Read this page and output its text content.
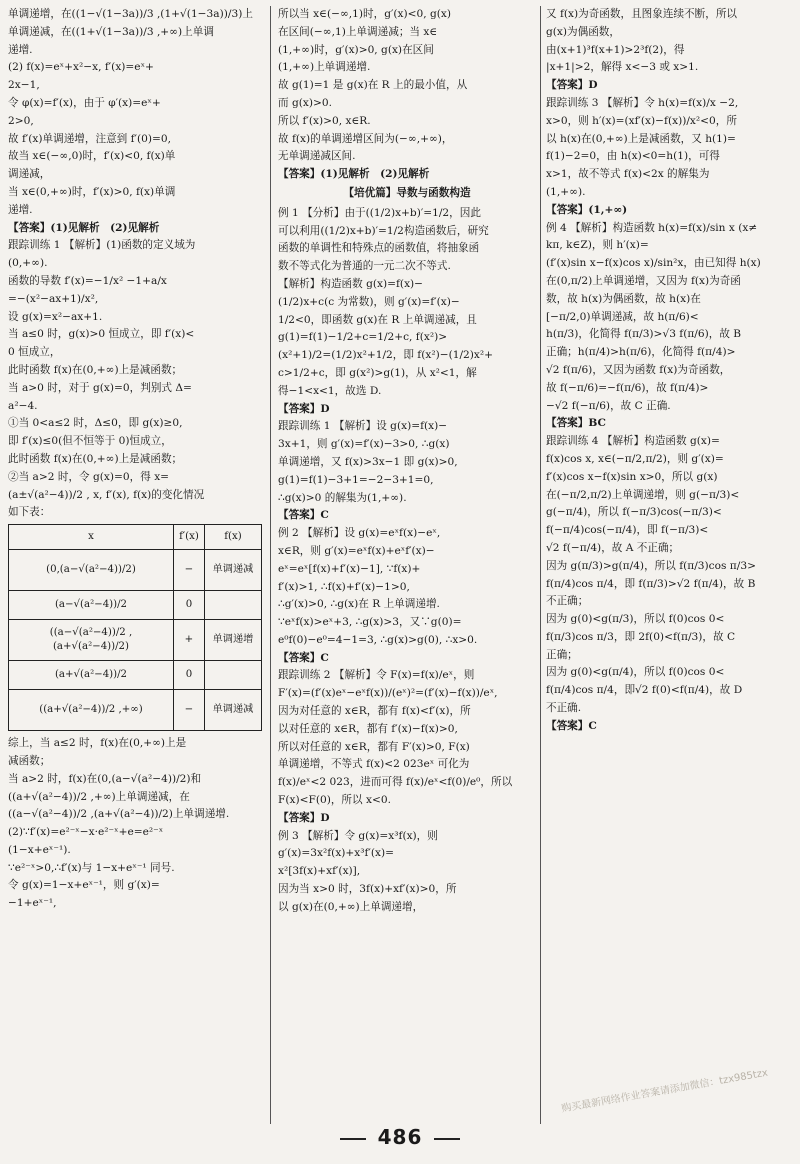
单调递增，在((1−√(1−3a))/3 ,(1+√(1−3a))/3)上

单调递减，在((1+√(1−3a))/3 ,+∞)上单调

递增.

(2) f(x)=eˣ+x²−x, f′(x)=eˣ+

2x−1,

令 φ(x)=f′(x)，由于 φ′(x)=eˣ+

2>0,

故 f′(x)单调递增，注意到 f′(0)=0,

故当 x∈(−∞,0)时，f′(x)<0, f(x)单

调递减，

当 x∈(0,+∞)时，f′(x)>0, f(x)单调

递增.

【答案】(1)见解析　(2)见解析

跟踪训练 1 【解析】(1)函数的定义域为

(0,+∞).

函数的导数 f′(x)=−1/x² −1+a/x

=−(x²−ax+1)/x²,

设 g(x)=x²−ax+1.

当 a≤0 时，g(x)>0 恒成立，即 f′(x)<

0 恒成立，

此时函数 f(x)在(0,+∞)上是减函数；

当 a>0 时，对于 g(x)=0，判别式 Δ=

a²−4.

①当 0<a≤2 时，Δ≤0，即 g(x)≥0,

即 f′(x)≤0(但不恒等于 0)恒成立，

此时函数 f(x)在(0,+∞)上是减函数；

②当 a>2 时，令 g(x)=0，得 x=

(a±√(a²−4))/2 , x, f′(x), f(x)的变化情况

如下表：

x	f′(x)	f(x)
(0,(a−√(a²−4))/2)	−	单调递减
(a−√(a²−4))/2	0	
((a−√(a²−4))/2 , (a+√(a²−4))/2)	+	单调递增
(a+√(a²−4))/2	0	
((a+√(a²−4))/2 ,+∞)	−	单调递减

综上，当 a≤2 时，f(x)在(0,+∞)上是

减函数；

当 a>2 时，f(x)在(0,(a−√(a²−4))/2)和

((a+√(a²−4))/2 ,+∞)上单调递减，在

((a−√(a²−4))/2 ,(a+√(a²−4))/2)上单调递增.

(2)∵f′(x)=e²⁻ˣ−x·e²⁻ˣ+e=e²⁻ˣ

(1−x+eˣ⁻¹).

∵e²⁻ˣ>0,∴f′(x)与 1−x+eˣ⁻¹ 同号.

令 g(x)=1−x+eˣ⁻¹，则 g′(x)=

−1+eˣ⁻¹,

所以当 x∈(−∞,1)时，g′(x)<0, g(x)

在区间(−∞,1)上单调递减；当 x∈

(1,+∞)时，g′(x)>0, g(x)在区间

(1,+∞)上单调递增.

故 g(1)=1 是 g(x)在 R 上的最小值，从

而 g(x)>0.

所以 f′(x)>0, x∈R.

故 f(x)的单调递增区间为(−∞,+∞)，

无单调递减区间.

【答案】(1)见解析　(2)见解析

【培优篇】导数与函数构造

例 1 【分析】由于((1/2)x+b)′=1/2，因此

可以利用((1/2)x+b)′=1/2构造函数后，研究

函数的单调性和特殊点的函数值，将抽象函

数不等式化为普通的一元二次不等式.

【解析】构造函数 g(x)=f(x)−

(1/2)x+c(c 为常数)，则 g′(x)=f′(x)−

1/2<0，即函数 g(x)在 R 上单调递减，且

g(1)=f(1)−1/2+c=1/2+c, f(x²)>

(x²+1)/2=(1/2)x²+1/2，即 f(x²)−(1/2)x²+

c>1/2+c，即 g(x²)>g(1)，从 x²<1，解

得−1<x<1，故选 D.

【答案】D

跟踪训练 1 【解析】设 g(x)=f(x)−

3x+1，则 g′(x)=f′(x)−3>0, ∴g(x)

单调递增，又 f(x)>3x−1 即 g(x)>0,

g(1)=f(1)−3+1=−2−3+1=0,

∴g(x)>0 的解集为(1,+∞).

【答案】C

例 2 【解析】设 g(x)=eˣf(x)−eˣ,

x∈R，则 g′(x)=eˣf(x)+eˣf′(x)−

eˣ=eˣ[f(x)+f′(x)−1], ∵f(x)+

f′(x)>1, ∴f(x)+f′(x)−1>0,

∴g′(x)>0, ∴g(x)在 R 上单调递增.

∵eˣf(x)>eˣ+3, ∴g(x)>3，又∵g(0)=

e⁰f(0)−e⁰=4−1=3, ∴g(x)>g(0), ∴x>0.

【答案】C

跟踪训练 2 【解析】令 F(x)=f(x)/eˣ，则

F′(x)=(f′(x)eˣ−eˣf(x))/(eˣ)²=(f′(x)−f(x))/eˣ,

因为对任意的 x∈R，都有 f(x)<f′(x)，所

以对任意的 x∈R，都有 f′(x)−f(x)>0,

所以对任意的 x∈R，都有 F′(x)>0, F(x)

单调递增，不等式 f(x)<2 023eˣ 可化为

f(x)/eˣ<2 023，进而可得 f(x)/eˣ<f(0)/e⁰，所以

F(x)<F(0)，所以 x<0.

【答案】D

例 3 【解析】令 g(x)=x³f(x)，则

g′(x)=3x²f(x)+x³f′(x)=

x²[3f(x)+xf′(x)],

因为当 x>0 时，3f(x)+xf′(x)>0，所

以 g(x)在(0,+∞)上单调递增，

又 f(x)为奇函数，且图象连续不断，所以

g(x)为偶函数，

由(x+1)³f(x+1)>2³f(2)，得

|x+1|>2，解得 x<−3 或 x>1.

【答案】D

跟踪训练 3 【解析】令 h(x)=f(x)/x −2,

x>0，则 h′(x)=(xf′(x)−f(x))/x²<0，所

以 h(x)在(0,+∞)上是减函数，又 h(1)=

f(1)−2=0，由 h(x)<0=h(1)，可得

x>1，故不等式 f(x)<2x 的解集为

(1,+∞).

【答案】(1,+∞)

例 4 【解析】构造函数 h(x)=f(x)/sin x (x≠

kπ, k∈Z)，则 h′(x)=

(f′(x)sin x−f(x)cos x)/sin²x，由已知得 h(x)

在(0,π/2)上单调递增，又因为 f(x)为奇函

数，故 h(x)为偶函数，故 h(x)在

[−π/2,0)单调递减，故 h(π/6)<

h(π/3)，化简得 f(π/3)>√3 f(π/6)，故 B

正确；h(π/4)>h(π/6)，化简得 f(π/4)>

√2 f(π/6)，又因为函数 f(x)为奇函数，

故 f(−π/6)=−f(π/6)，故 f(π/4)>

−√2 f(−π/6)，故 C 正确.

【答案】BC

跟踪训练 4 【解析】构造函数 g(x)=

f(x)cos x, x∈(−π/2,π/2)，则 g′(x)=

f′(x)cos x−f(x)sin x>0，所以 g(x)

在(−π/2,π/2)上单调递增，则 g(−π/3)<

g(−π/4)，所以 f(−π/3)cos(−π/3)<

f(−π/4)cos(−π/4)，即 f(−π/3)<

√2 f(−π/4)，故 A 不正确；

因为 g(π/3)>g(π/4)，所以 f(π/3)cos π/3>

f(π/4)cos π/4，即 f(π/3)>√2 f(π/4)，故 B

不正确；

因为 g(0)<g(π/3)，所以 f(0)cos 0<

f(π/3)cos π/3，即 2f(0)<f(π/3)，故 C

正确；

因为 g(0)<g(π/4)，所以 f(0)cos 0<

f(π/4)cos π/4，即√2 f(0)<f(π/4)，故 D

不正确.

【答案】C

486
购买最新网络作业答案请添加微信：tzx985tzx
